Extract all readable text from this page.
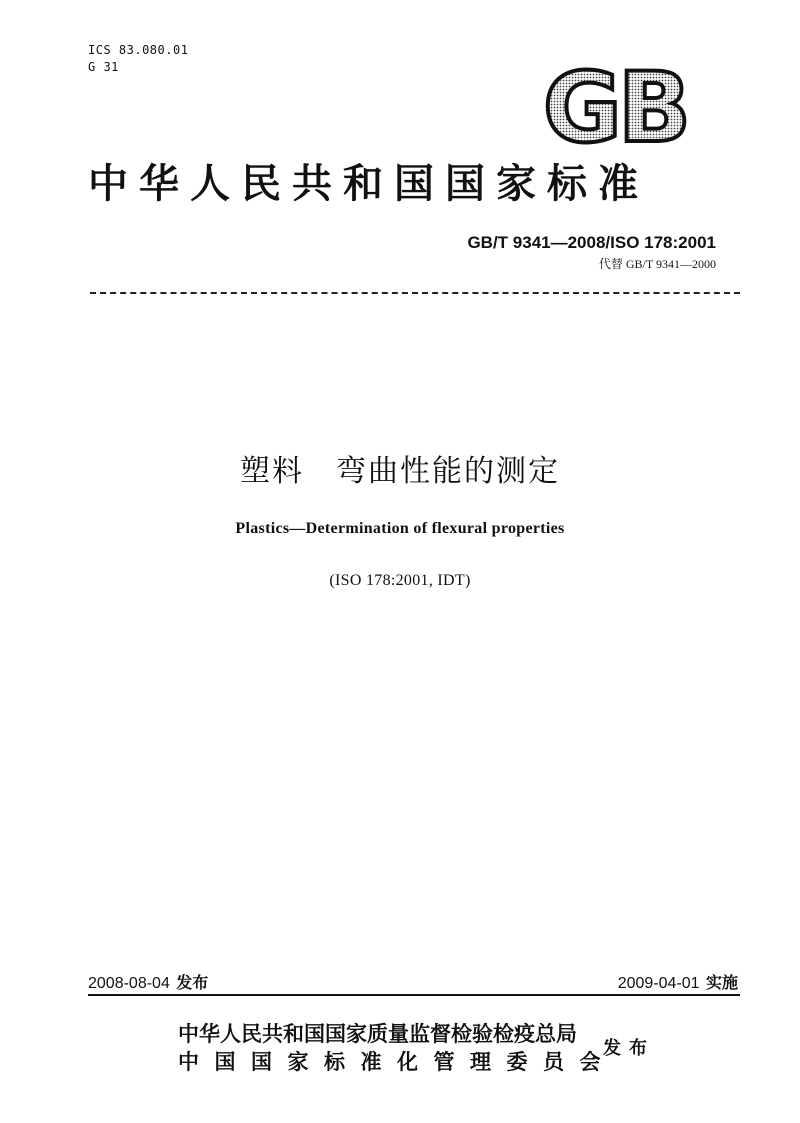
ICS 83.080.01
G 31	GB
中华人民共和国国家标准
GB/T 9341—2008/ISO 178:2001
代替 GB/T 9341—2000
塑料　弯曲性能的测定
Plastics—Determination of flexural properties
(ISO 178:2001, IDT)
2008-08-04 发布	2009-04-01 实施
中华人民共和国国家质量监督检验检疫总局
中国国家标准化管理委员会
发布
